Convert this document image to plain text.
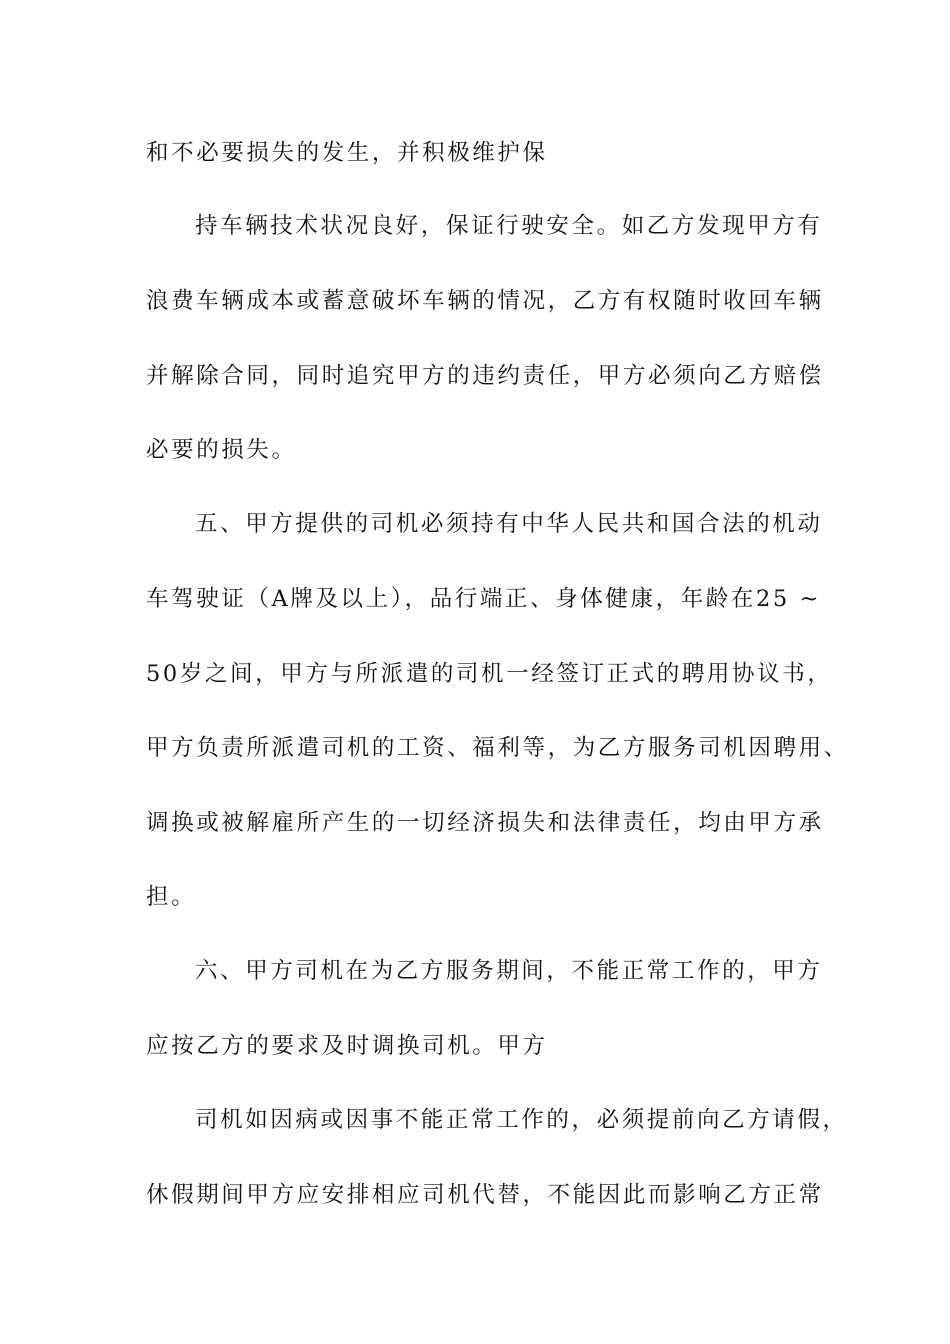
和不必要损失的发生，并积极维护保

持车辆技术状况良好，保证行驶安全。如乙方发现甲方有

浪费车辆成本或蓄意破坏车辆的情况，乙方有权随时收回车辆

并解除合同，同时追究甲方的违约责任，甲方必须向乙方赔偿

必要的损失。

五、甲方提供的司机必须持有中华人民共和国合法的机动

车驾驶证（A牌及以上），品行端正、身体健康，年龄在25 ~

50岁之间，甲方与所派遣的司机一经签订正式的聘用协议书，

甲方负责所派遣司机的工资、福利等，为乙方服务司机因聘用、

调换或被解雇所产生的一切经济损失和法律责任，均由甲方承

担。

六、甲方司机在为乙方服务期间，不能正常工作的，甲方

应按乙方的要求及时调换司机。甲方

司机如因病或因事不能正常工作的，必须提前向乙方请假，

休假期间甲方应安排相应司机代替，不能因此而影响乙方正常
